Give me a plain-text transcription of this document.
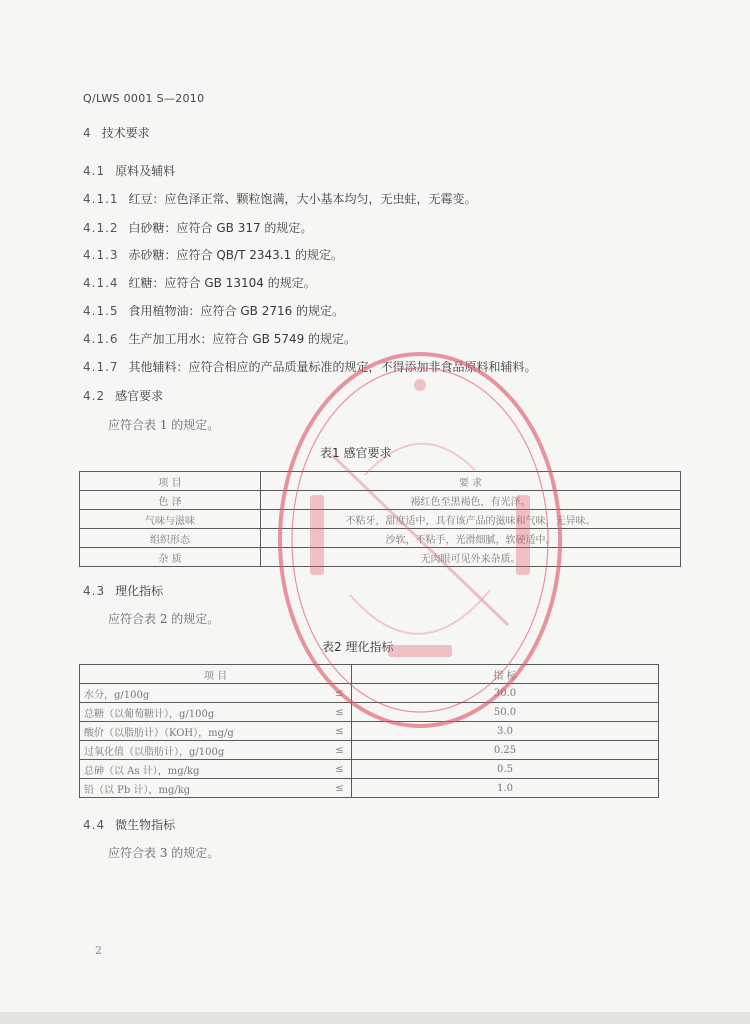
Q/LWS 0001 S—2010
4 技术要求
4.1 原料及辅料
4.1.1 红豆：应色泽正常、颗粒饱满，大小基本均匀，无虫蛀，无霉变。
4.1.2 白砂糖：应符合 GB 317 的规定。
4.1.3 赤砂糖：应符合 QB/T 2343.1 的规定。
4.1.4 红糖：应符合 GB 13104 的规定。
4.1.5 食用植物油：应符合 GB 2716 的规定。
4.1.6 生产加工用水：应符合 GB 5749 的规定。
4.1.7 其他辅料：应符合相应的产品质量标准的规定，不得添加非食品原料和辅料。
4.2 感官要求
应符合表 1 的规定。
表1 感官要求
项 目	要 求
色 泽	褐红色至黑褐色，有光泽。
气味与滋味	不粘牙，甜度适中，具有该产品的滋味和气味，无异味。
组织形态	沙软，不粘手，光滑细腻，软硬适中。
杂 质	无肉眼可见外来杂质。
4.3 理化指标
应符合表 2 的规定。
表2 理化指标
项 目		指 标
水分，g/100g	≤	30.0
总糖（以葡萄糖计），g/100g	≤	50.0
酸价（以脂肪计）（KOH），mg/g	≤	3.0
过氧化值（以脂肪计），g/100g	≤	0.25
总砷（以 As 计），mg/kg	≤	0.5
铅（以 Pb 计），mg/kg	≤	1.0
4.4 微生物指标
应符合表 3 的规定。
2
